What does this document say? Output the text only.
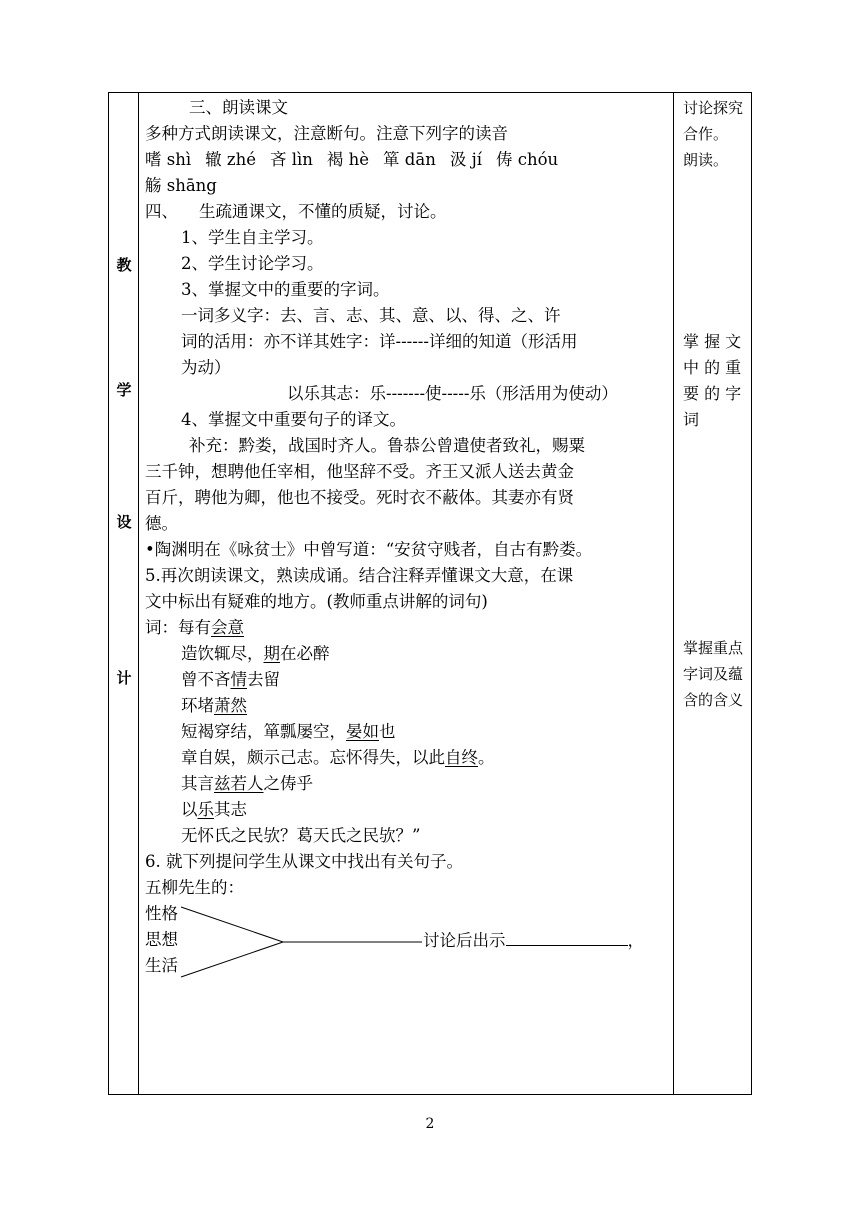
教
学
设
计
三、朗读课文
多种方式朗读课文，注意断句。注意下列字的读音
嗜 shì 辙 zhé 吝 lìn 褐 hè 箪 dān 汲 jí 俦 chóu
觞 shāng
四、    生疏通课文，不懂的质疑，讨论。
1、学生自主学习。
2、学生讨论学习。
3、掌握文中的重要的字词。
一词多义字：去、言、志、其、意、以、得、之、许
词的活用：亦不详其姓字：详------详细的知道（形活用
为动）
以乐其志：乐-------使-----乐（形活用为使动）
4、掌握文中重要句子的译文。
补充：黔娄，战国时齐人。鲁恭公曾遣使者致礼，赐粟
三千钟，想聘他任宰相，他坚辞不受。齐王又派人送去黄金
百斤，聘他为卿，他也不接受。死时衣不蔽体。其妻亦有贤
德。
•陶渊明在《咏贫士》中曾写道：“安贫守贱者，自古有黔娄。
5.再次朗读课文，熟读成诵。结合注释弄懂课文大意，在课
文中标出有疑难的地方。(教师重点讲解的词句)
词：每有会意
造饮辄尽，期在必醉
曾不吝情去留
环堵萧然
短褐穿结，箪瓢屡空，晏如也
章自娱，颇示己志。忘怀得失，以此自终。
其言兹若人之俦乎
以乐其志
无怀氏之民欤？葛天氏之民欤？”
6. 就下列提问学生从课文中找出有关句子。
五柳先生的：
性格
思想
生活
讨论后出示	，
讨论探究
合作。
朗读。
掌 握 文
中 的 重
要 的 字
词
掌握重点
字词及蕴
含的含义
2
